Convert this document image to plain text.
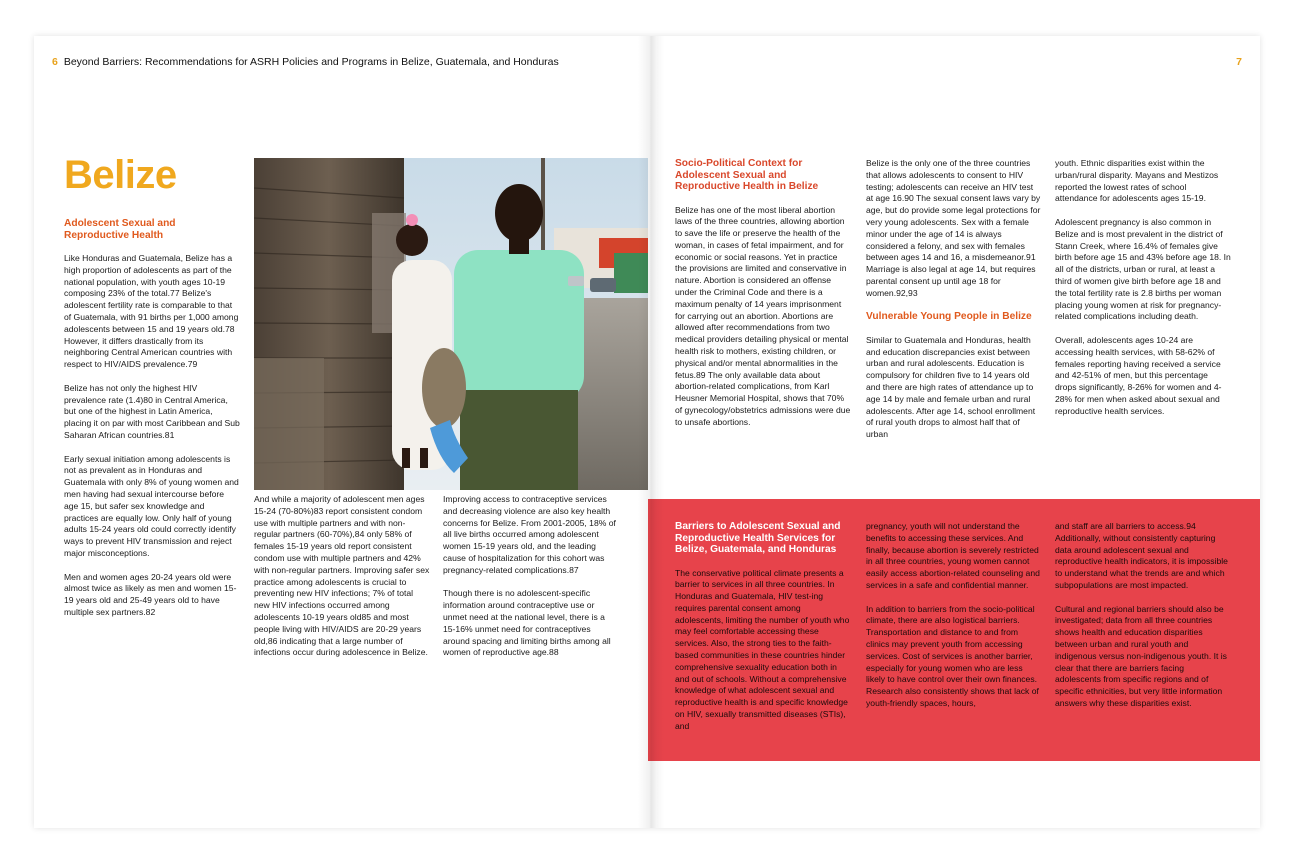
6 Beyond Barriers: Recommendations for ASRH Policies and Programs in Belize, Guatemala, and Honduras
Belize
Adolescent Sexual and Reproductive Health

Like Honduras and Guatemala, Belize has a high proportion of adolescents as part of the national population, with youth ages 10-19 composing 23% of the total.77 Belize's adolescent fertility rate is comparable to that of Guatemala, with 91 births per 1,000 among adolescents between 15 and 19 years old.78 However, it differs drastically from its neighboring Central American countries with respect to HIV/AIDS prevalence.79

Belize has not only the highest HIV prevalence rate (1.4)80 in Central America, but one of the highest in Latin America, placing it on par with most Caribbean and Sub Saharan African countries.81

Early sexual initiation among adolescents is not as prevalent as in Honduras and Guatemala with only 8% of young women and men having had sexual intercourse before age 15, but safer sex knowledge and practices are equally low. Only half of young adults 15-24 years old could correctly identify ways to prevent HIV transmission and reject major misconceptions.

Men and women ages 20-24 years old were almost twice as likely as men and women 15-19 years old and 25-49 years old to have multiple sex partners.82

And while a majority of adolescent men ages 15-24 (70-80%)83 report consistent condom use with multiple partners and with non-regular partners (60-70%),84 only 58% of females 15-19 years old report consistent condom use with multiple partners and 42% with non-regular partners. Improving safer sex practice among adolescents is crucial to preventing new HIV infections; 7% of total new HIV infections occurred among adolescents 10-19 years old85 and most people living with HIV/AIDS are 20-29 years old,86 indicating that a large number of infections occur during adolescence in Belize.

Improving access to contraceptive services and decreasing violence are also key health concerns for Belize. From 2001-2005, 18% of all live births occurred among adolescent women 15-19 years old, and the leading cause of hospitalization for this cohort was pregnancy-related complications.87

Though there is no adolescent-specific information around contraceptive use or unmet need at the national level, there is a 15-16% unmet need for contraceptives around spacing and limiting births among all women of reproductive age.88

7
Socio-Political Context for Adolescent Sexual and Reproductive Health in Belize

Belize has one of the most liberal abortion laws of the three countries, allowing abortion to save the life or preserve the health of the woman, in cases of fetal impairment, and for economic or social reasons. Yet in practice the provisions are limited and conservative in nature. Abortion is considered an offense under the Criminal Code and there is a maximum penalty of 14 years imprisonment for carrying out an abortion. Abortions are allowed after recommendations from two medical providers detailing physical or mental health risk to mothers, existing children, or physical and/or mental abnormalities in the fetus.89 The only available data about abortion-related complications, from Karl Heusner Memorial Hospital, shows that 70% of gynecology/obstetrics admissions were due to unsafe abortions.

Belize is the only one of the three countries that allows adolescents to consent to HIV testing; adolescents can receive an HIV test at age 16.90 The sexual consent laws vary by age, but do provide some legal protections for very young adolescents. Sex with a female minor under the age of 14 is always considered a felony, and sex with females between ages 14 and 16, a misdemeanor.91 Marriage is also legal at age 14, but requires parental consent up until age 18 for women.92,93

Vulnerable Young People in Belize

Similar to Guatemala and Honduras, health and education discrepancies exist between urban and rural adolescents. Education is compulsory for children five to 14 years old and there are high rates of attendance up to age 14 by male and female urban and rural adolescents. After age 14, school enrollment of rural youth drops to almost half that of urban

youth. Ethnic disparities exist within the urban/rural disparity. Mayans and Mestizos reported the lowest rates of school attendance for adolescents ages 15-19.

Adolescent pregnancy is also common in Belize and is most prevalent in the district of Stann Creek, where 16.4% of females give birth before age 15 and 43% before age 18. In all of the districts, urban or rural, at least a third of women give birth before age 18 and the total fertility rate is 2.8 births per woman placing young women at risk for pregnancy-related complications including death.

Overall, adolescents ages 10-24 are accessing health services, with 58-62% of females reporting having received a service and 42-51% of men, but this percentage drops significantly, 8-26% for women and 4-28% for men when asked about sexual and reproductive health services.

Barriers to Adolescent Sexual and Reproductive Health Services for Belize, Guatemala, and Honduras

The conservative political climate presents a barrier to services in all three countries. In Honduras and Guatemala, HIV test-ing requires parental consent among adolescents, limiting the number of youth who may feel comfortable accessing these services. Also, the strong ties to the faith-based communities in these countries hinder comprehensive sexuality education both in and out of schools. Without a comprehensive knowledge of what adolescent sexual and reproductive health is and specific knowledge on HIV, sexually transmitted diseases (STIs), and

pregnancy, youth will not understand the benefits to accessing these services. And finally, because abortion is severely restricted in all three countries, young women cannot easily access abortion-related counseling and services in a safe and confidential manner.

In addition to barriers from the socio-political climate, there are also logistical barriers. Transportation and distance to and from clinics may prevent youth from accessing services. Cost of services is another barrier, especially for young women who are less likely to have control over their own finances. Research also consistently shows that lack of youth-friendly spaces, hours,

and staff are all barriers to access.94 Additionally, without consistently capturing data around adolescent sexual and reproductive health indicators, it is impossible to understand what the trends are and which subpopulations are most impacted.

Cultural and regional barriers should also be investigated; data from all three countries shows health and education disparities between urban and rural youth and indigenous versus non-indigenous youth. It is clear that there are barriers facing adolescents from specific regions and of specific ethnicities, but very little information answers why these disparities exist.
